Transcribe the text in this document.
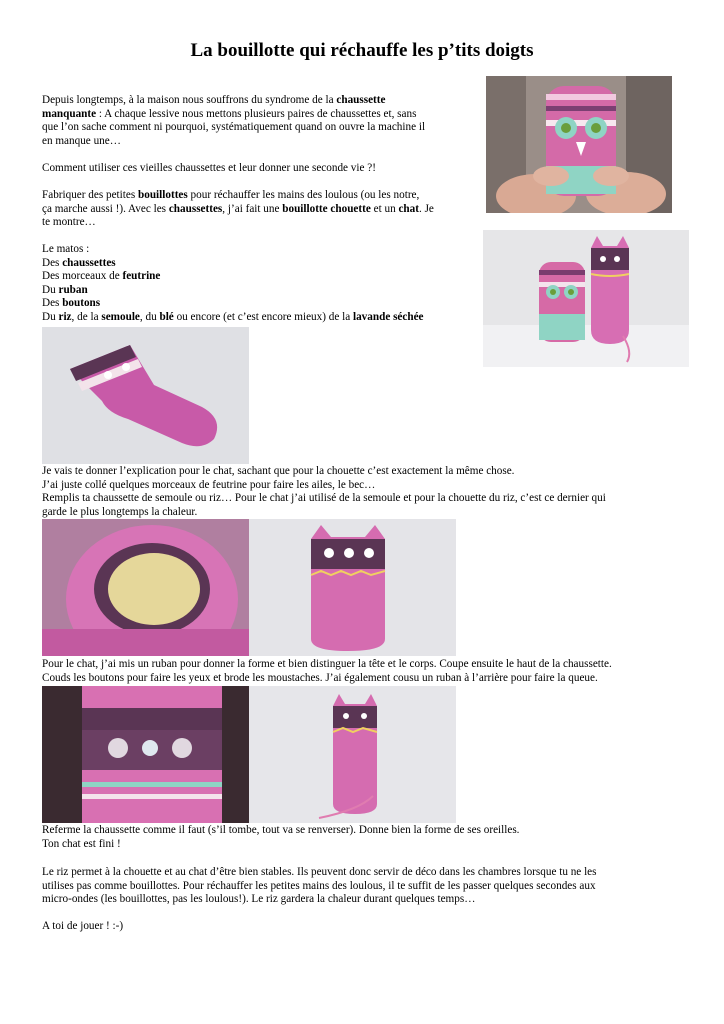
La bouillotte qui réchauffe les p’tits doigts
Depuis longtemps, à la maison nous souffrons du syndrome de la chaussette
manquante : A chaque lessive nous mettons plusieurs paires de chaussettes et, sans
que l’on sache comment ni pourquoi, systématiquement quand on ouvre la machine il
en manque une…
Comment utiliser ces vieilles chaussettes et leur donner une seconde vie ?!
Fabriquer des petites bouillottes pour réchauffer les mains des loulous (ou les notre,
ça marche aussi !). Avec les chaussettes, j’ai fait une bouillotte chouette et un chat. Je
te montre…
Le matos :
Des chaussettes
Des morceaux de feutrine
Du ruban
Des boutons
Du riz, de la semoule, du blé ou encore (et c’est encore mieux) de la lavande séchée
Je vais te donner l’explication pour le chat, sachant que pour la chouette c’est exactement la même chose.
J’ai juste collé quelques morceaux de feutrine pour faire les ailes, le bec…
Remplis ta chaussette de semoule ou riz… Pour le chat j’ai utilisé de la semoule et pour la chouette du riz, c’est ce dernier qui
garde le plus longtemps la chaleur.
Pour le chat, j’ai mis un ruban pour donner la forme et bien distinguer la tête et le corps. Coupe ensuite le haut de la chaussette.
Couds les boutons pour faire les yeux et brode les moustaches. J’ai également cousu un ruban à l’arrière pour faire la queue.
Referme la chaussette comme il faut (s’il tombe, tout va se renverser). Donne bien la forme de ses oreilles.
Ton chat est fini !
Le riz permet à la chouette et au chat d’être bien stables. Ils peuvent donc servir de déco dans les chambres lorsque tu ne les
utilises pas comme bouillottes. Pour réchauffer les petites mains des loulous, il te suffit de les passer quelques secondes aux
micro-ondes (les bouillottes, pas les loulous!). Le riz gardera la chaleur durant quelques temps…
A toi de jouer ! :-)
